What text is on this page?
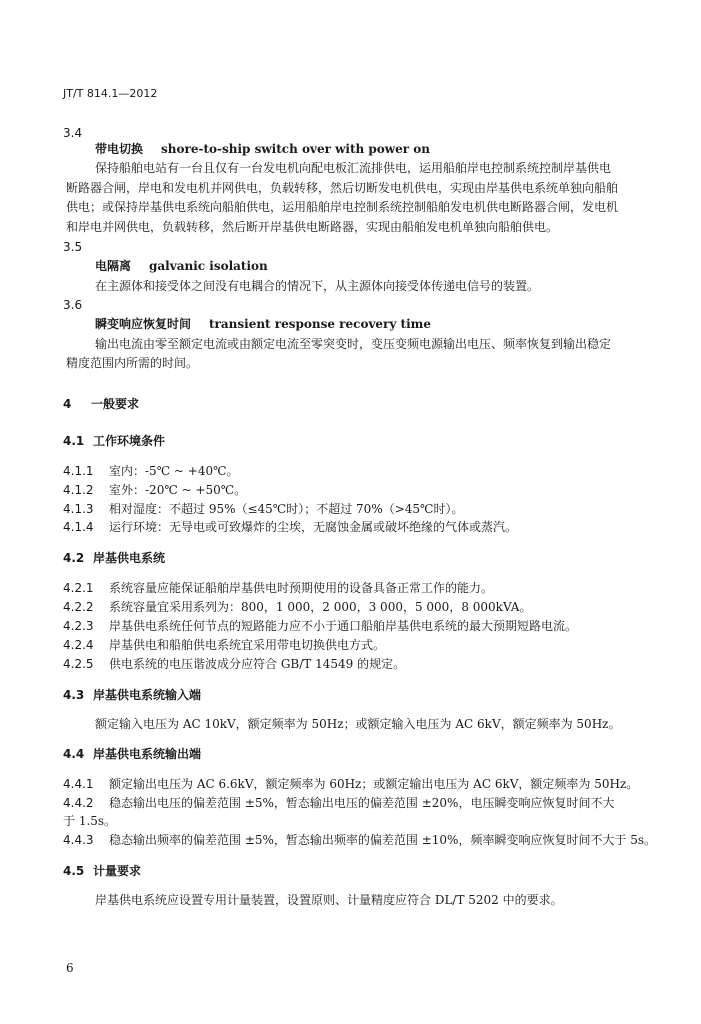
JT/T 814.1—2012
3.4
带电切换 shore-to-ship switch over with power on
保持船舶电站有一台且仅有一台发电机向配电板汇流排供电，运用船舶岸电控制系统控制岸基供电
断路器合闸，岸电和发电机并网供电，负载转移，然后切断发电机供电，实现由岸基供电系统单独向船舶
供电；或保持岸基供电系统向船舶供电，运用船舶岸电控制系统控制船舶发电机供电断路器合闸，发电机
和岸电并网供电，负载转移，然后断开岸基供电断路器，实现由船舶发电机单独向船舶供电。
3.5
电隔离 galvanic isolation
在主源体和接受体之间没有电耦合的情况下，从主源体向接受体传递电信号的装置。
3.6
瞬变响应恢复时间 transient response recovery time
输出电流由零至额定电流或由额定电流至零突变时，变压变频电源输出电压、频率恢复到输出稳定
精度范围内所需的时间。
4 一般要求
4.1 工作环境条件
4.1.1 室内：-5℃ ~ +40℃。
4.1.2 室外：-20℃ ~ +50℃。
4.1.3 相对湿度：不超过 95%（≤45℃时）；不超过 70%（>45℃时）。
4.1.4 运行环境：无导电或可致爆炸的尘埃，无腐蚀金属或破坏绝缘的气体或蒸汽。
4.2 岸基供电系统
4.2.1 系统容量应能保证船舶岸基供电时预期使用的设备具备正常工作的能力。
4.2.2 系统容量宜采用系列为：800，1 000，2 000，3 000，5 000，8 000kVA。
4.2.3 岸基供电系统任何节点的短路能力应不小于通口船舶岸基供电系统的最大预期短路电流。
4.2.4 岸基供电和船舶供电系统宜采用带电切换供电方式。
4.2.5 供电系统的电压谐波成分应符合 GB/T 14549 的规定。
4.3 岸基供电系统输入端
额定输入电压为 AC 10kV，额定频率为 50Hz；或额定输入电压为 AC 6kV，额定频率为 50Hz。
4.4 岸基供电系统输出端
4.4.1 额定输出电压为 AC 6.6kV，额定频率为 60Hz；或额定输出电压为 AC 6kV，额定频率为 50Hz。
4.4.2 稳态输出电压的偏差范围 ±5%，暂态输出电压的偏差范围 ±20%，电压瞬变响应恢复时间不大
于 1.5s。
4.4.3 稳态输出频率的偏差范围 ±5%，暂态输出频率的偏差范围 ±10%，频率瞬变响应恢复时间不大于 5s。
4.5 计量要求
岸基供电系统应设置专用计量装置，设置原则、计量精度应符合 DL/T 5202 中的要求。
6
